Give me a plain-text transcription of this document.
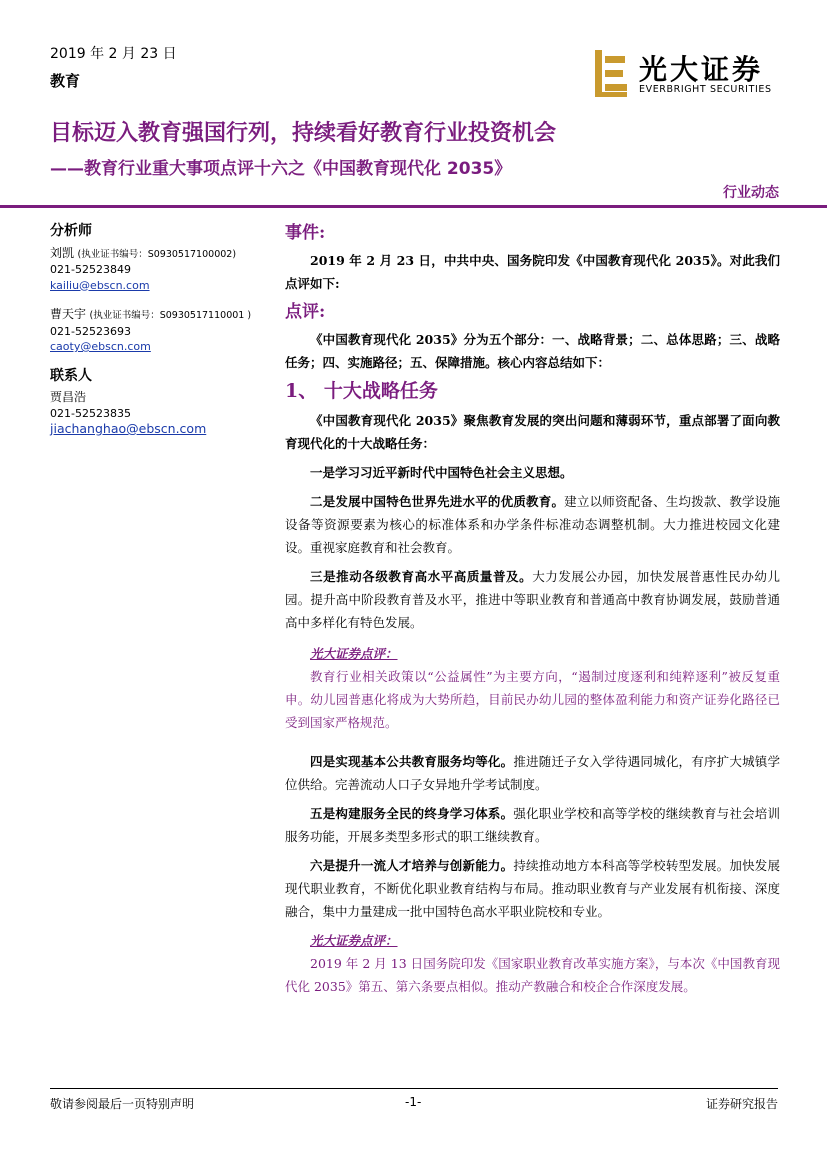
2019 年 2 月 23 日
教育	光大证券
EVERBRIGHT SECURITIES
目标迈入教育强国行列，持续看好教育行业投资机会
——教育行业重大事项点评十六之《中国教育现代化 2035》
行业动态
分析师
刘凯 (执业证书编号：S0930517100002)
021-52523849
kailiu@ebscn.com
曹天宇 (执业证书编号：S0930517110001 )
021-52523693
caoty@ebscn.com
联系人
贾昌浩
021-52523835
jiachanghao@ebscn.com
事件:

2019 年 2 月 23 日，中共中央、国务院印发《中国教育现代化 2035》。对此我们点评如下:

点评:

《中国教育现代化 2035》分为五个部分：一、战略背景；二、总体思路；三、战略任务；四、实施路径；五、保障措施。核心内容总结如下：

1、 十大战略任务

《中国教育现代化 2035》聚焦教育发展的突出问题和薄弱环节，重点部署了面向教育现代化的十大战略任务：

一是学习习近平新时代中国特色社会主义思想。

二是发展中国特色世界先进水平的优质教育。建立以师资配备、生均拨款、教学设施设备等资源要素为核心的标准体系和办学条件标准动态调整机制。大力推进校园文化建设。重视家庭教育和社会教育。

三是推动各级教育高水平高质量普及。大力发展公办园，加快发展普惠性民办幼儿园。提升高中阶段教育普及水平，推进中等职业教育和普通高中教育协调发展，鼓励普通高中多样化有特色发展。

光大证券点评：

教育行业相关政策以“公益属性”为主要方向，“遏制过度逐利和纯粹逐利”被反复重申。幼儿园普惠化将成为大势所趋，目前民办幼儿园的整体盈利能力和资产证券化路径已受到国家严格规范。

四是实现基本公共教育服务均等化。推进随迁子女入学待遇同城化，有序扩大城镇学位供给。完善流动人口子女异地升学考试制度。

五是构建服务全民的终身学习体系。强化职业学校和高等学校的继续教育与社会培训服务功能，开展多类型多形式的职工继续教育。

六是提升一流人才培养与创新能力。持续推动地方本科高等学校转型发展。加快发展现代职业教育，不断优化职业教育结构与布局。推动职业教育与产业发展有机衔接、深度融合，集中力量建成一批中国特色高水平职业院校和专业。

光大证券点评：

2019 年 2 月 13 日国务院印发《国家职业教育改革实施方案》，与本次《中国教育现代化 2035》第五、第六条要点相似。推动产教融合和校企合作深度发展。

敬请参阅最后一页特别声明	-1-	证券研究报告
